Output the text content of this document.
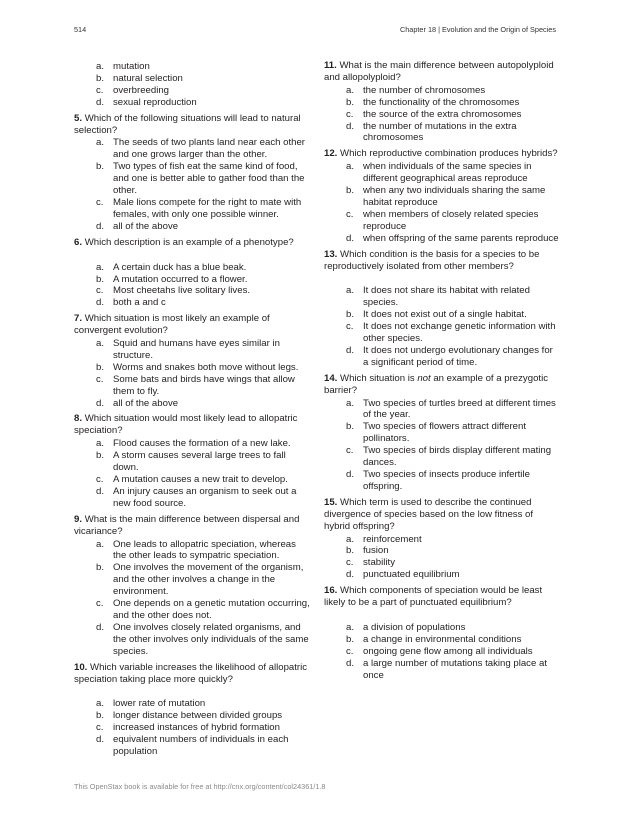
514	Chapter 18 | Evolution and the Origin of Species
a. mutation
b. natural selection
c. overbreeding
d. sexual reproduction

5. Which of the following situations will lead to natural selection?

a. The seeds of two plants land near each other and one grows larger than the other.
b. Two types of fish eat the same kind of food, and one is better able to gather food than the other.
c. Male lions compete for the right to mate with females, with only one possible winner.
d. all of the above

6. Which description is an example of a phenotype?

a. A certain duck has a blue beak.
b. A mutation occurred to a flower.
c. Most cheetahs live solitary lives.
d. both a and c

7. Which situation is most likely an example of convergent evolution?

a. Squid and humans have eyes similar in structure.
b. Worms and snakes both move without legs.
c. Some bats and birds have wings that allow them to fly.
d. all of the above

8. Which situation would most likely lead to allopatric speciation?

a. Flood causes the formation of a new lake.
b. A storm causes several large trees to fall down.
c. A mutation causes a new trait to develop.
d. An injury causes an organism to seek out a new food source.

9. What is the main difference between dispersal and vicariance?

a. One leads to allopatric speciation, whereas the other leads to sympatric speciation.
b. One involves the movement of the organism, and the other involves a change in the environment.
c. One depends on a genetic mutation occurring, and the other does not.
d. One involves closely related organisms, and the other involves only individuals of the same species.

10. Which variable increases the likelihood of allopatric speciation taking place more quickly?

a. lower rate of mutation
b. longer distance between divided groups
c. increased instances of hybrid formation
d. equivalent numbers of individuals in each population

11. What is the main difference between autopolyploid and allopolyploid?

a. the number of chromosomes
b. the functionality of the chromosomes
c. the source of the extra chromosomes
d. the number of mutations in the extra chromosomes

12. Which reproductive combination produces hybrids?

a. when individuals of the same species in different geographical areas reproduce
b. when any two individuals sharing the same habitat reproduce
c. when members of closely related species reproduce
d. when offspring of the same parents reproduce

13. Which condition is the basis for a species to be reproductively isolated from other members?

a. It does not share its habitat with related species.
b. It does not exist out of a single habitat.
c. It does not exchange genetic information with other species.
d. It does not undergo evolutionary changes for a significant period of time.

14. Which situation is not an example of a prezygotic barrier?

a. Two species of turtles breed at different times of the year.
b. Two species of flowers attract different pollinators.
c. Two species of birds display different mating dances.
d. Two species of insects produce infertile offspring.

15. Which term is used to describe the continued divergence of species based on the low fitness of hybrid offspring?

a. reinforcement
b. fusion
c. stability
d. punctuated equilibrium

16. Which components of speciation would be least likely to be a part of punctuated equilibrium?

a. a division of populations
b. a change in environmental conditions
c. ongoing gene flow among all individuals
d. a large number of mutations taking place at once
This OpenStax book is available for free at http://cnx.org/content/col24361/1.8
